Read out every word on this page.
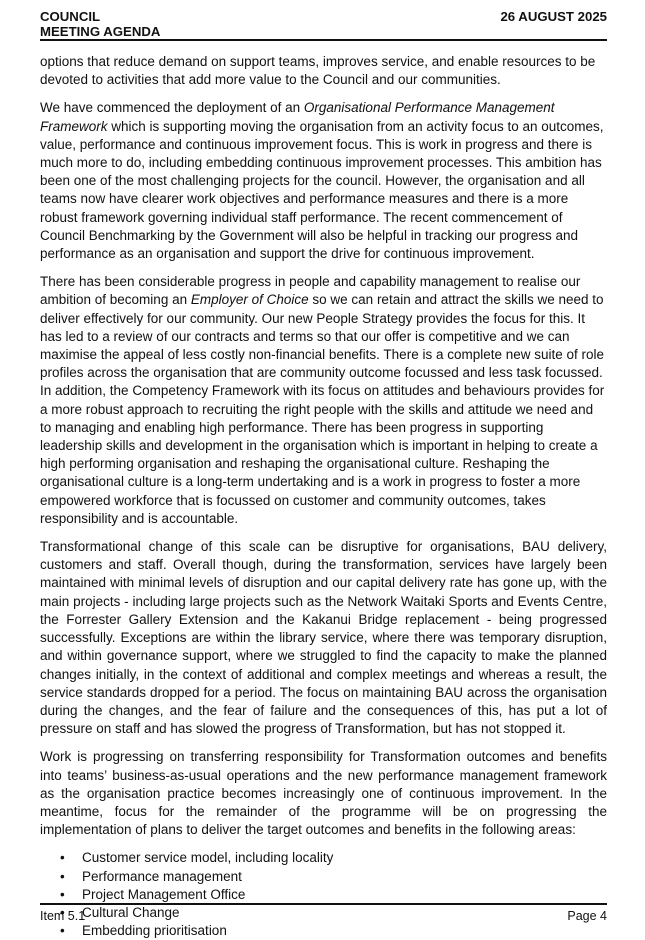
COUNCIL
MEETING AGENDA
26 AUGUST 2025

options that reduce demand on support teams, improves service, and enable resources to be devoted to activities that add more value to the Council and our communities.

We have commenced the deployment of an Organisational Performance Management Framework which is supporting moving the organisation from an activity focus to an outcomes, value, performance and continuous improvement focus. This is work in progress and there is much more to do, including embedding continuous improvement processes. This ambition has been one of the most challenging projects for the council. However, the organisation and all teams now have clearer work objectives and performance measures and there is a more robust framework governing individual staff performance. The recent commencement of Council Benchmarking by the Government will also be helpful in tracking our progress and performance as an organisation and support the drive for continuous improvement.

There has been considerable progress in people and capability management to realise our ambition of becoming an Employer of Choice so we can retain and attract the skills we need to deliver effectively for our community. Our new People Strategy provides the focus for this. It has led to a review of our contracts and terms so that our offer is competitive and we can maximise the appeal of less costly non-financial benefits. There is a complete new suite of role profiles across the organisation that are community outcome focussed and less task focussed. In addition, the Competency Framework with its focus on attitudes and behaviours provides for a more robust approach to recruiting the right people with the skills and attitude we need and to managing and enabling high performance. There has been progress in supporting leadership skills and development in the organisation which is important in helping to create a high performing organisation and reshaping the organisational culture. Reshaping the organisational culture is a long-term undertaking and is a work in progress to foster a more empowered workforce that is focussed on customer and community outcomes, takes responsibility and is accountable.

Transformational change of this scale can be disruptive for organisations, BAU delivery, customers and staff. Overall though, during the transformation, services have largely been maintained with minimal levels of disruption and our capital delivery rate has gone up, with the main projects - including large projects such as the Network Waitaki Sports and Events Centre, the Forrester Gallery Extension and the Kakanui Bridge replacement - being progressed successfully. Exceptions are within the library service, where there was temporary disruption, and within governance support, where we struggled to find the capacity to make the planned changes initially, in the context of additional and complex meetings and whereas a result, the service standards dropped for a period. The focus on maintaining BAU across the organisation during the changes, and the fear of failure and the consequences of this, has put a lot of pressure on staff and has slowed the progress of Transformation, but has not stopped it.

Work is progressing on transferring responsibility for Transformation outcomes and benefits into teams’ business-as-usual operations and the new performance management framework as the organisation practice becomes increasingly one of continuous improvement. In the meantime, focus for the remainder of the programme will be on progressing the implementation of plans to deliver the target outcomes and benefits in the following areas:

• Customer service model, including locality
• Performance management
• Project Management Office
• Cultural Change
• Embedding prioritisation
Item 5.1	Page 4
